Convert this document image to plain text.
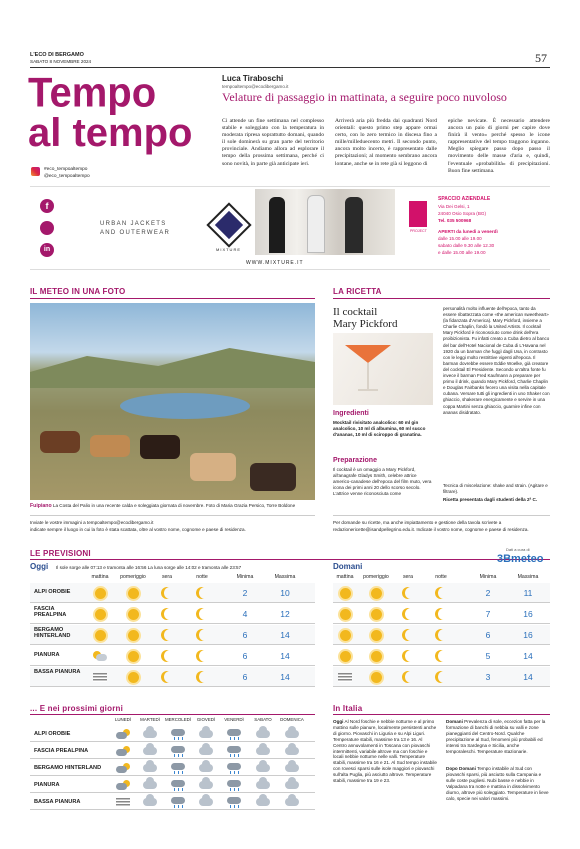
L'ECO DI BERGAMO
SABATO 8 NOVEMBRE 2024	57
Tempo
al tempo
#eco_tempoaltempo
@eco_tempoaltempo
Luca Tiraboschi
tempoaltempo@ecodibergamo.it
Velature di passaggio in mattinata, a seguire poco nuvoloso
Ci attende un fine settimana nel complesso stabile e soleggiato con la temperatura in moderata ripresa soprattutto domani, quando il sole dominerà su gran parte del territorio provinciale. Andiamo allora ad esplorare il tempo della prossima settimana, perché ci sono novità, in parte già anticipate ieri.
Arriverà aria più fredda dai quadranti Nord orientali: questo primo step appare ormai certo, con lo zero termico in discesa fino a mille/milleduecento metri. Il secondo punto, ancora molto incerto, è rappresentato dalle precipitazioni; al momento sembrano ancora lontane, anche se in rete già si leggono di
epiche nevicate. È necessario attendere ancora un paio di giorni per capire dove finirà il vento» perché spesso le icone rappresentative del tempo traggono inganno. Meglio spiegare passo dopo passo il movimento delle masse d'aria e, quindi, l'eventuale «probabilità» di precipitazioni. Buon fine settimana.
f
in
URBAN JACKETS
AND OUTERWEAR
MIXTURE
WWW.MIXTURE.IT
PROJECT
SPACCIO AZIENDALE
Via Dei Gelsi, 1
24040 Osio Sopra (BG)
Tel. 035 500968
APERTI da lunedì a venerdì
dalle 15.00 alle 19.00
sabato dalle 9.30 alle 12.30
e dalle 15.00 alle 19.00
IL METEO IN UNA FOTO
Fuipiano La Costa del Palio in una recente calda e soleggiata giornata di novembre. Foto di Maria Grazia Persico, Torre Boldone
Inviate le vostre immagini a tempoaltempo@ecodibergamo.it
indicate sempre il luogo in cui la foto è stata scattata, oltre al vostro nome, cognome e paese di residenza.
LA RICETTA
Il cocktail
Mary Pickford
Ingredienti
Mocktail rivisitato analcolico: 60 ml gin analcolico, 10 ml di albumina, 60 ml succo d'ananas, 10 ml di sciroppo di granatina.
Preparazione
Il cocktail è un omaggio a Mary Pickford, all'anagrafe Gladys Smith, celebre attrice americo-canadese dell'epoca del film muto, vera icona dei primi anni 20 dello scorso secolo. L'attrice venne riconosciuta come
personalità molto influente dell'epoca, tanto da essere ribattezzata come «the american sweetheart» (la fidanzata d'America). Mary Pickford, insieme a Charlie Chaplin, fondò la United Artists. Il cocktail Mary Pickford è riconosciuto come drink dell'era proibizionista. Fu infatti creato a Cuba dietro al banco del bar dell'Hotel Nacional de Cuba di L'Havana nel 1920 da un barman che fuggì dagli Usa, in contrasto con le leggi molto restrittive vigenti all'epoca. Il barman dovrebbe essere Eddie Woelke, già creatore del cocktail El Presidente. Secondo un'altra fonte fu invece il barman Fred Kaufmann a preparare per primo il drink, quando Mary Pickford, Charlie Chaplin e Douglas Fairbanks fecero una visita nella capitale cubana. Versare tutti gli ingredienti in uno Shaker con ghiaccio, shakerare energicamente e servire in una coppa Martini senza ghiaccio, guarnire infine con ananas disidratato.
Tecnica di miscelazione: shake and strain. (Agitare e filtrare).
Ricetta presentata dagli studenti della 2ª C.
Per domande su ricette, ma anche impiattamento e gestione della tavola scrivete a
redazionericette@isandpellegrino.edu.it. Indicate il vostro nome, cognome e paese di residenza.
LE PREVISIONI
Oggi Il sole sorge alle 07:13 e tramonta alle 16:56 La luna sorge alle 14:02 e tramonta alle 23:57	Domani
Dati a cura di
3Bmeteo
mattina	pomeriggio	sera	notte	Minima	Massima
ALPI OROBIE	2	10
FASCIA PREALPINA	4	12
BERGAMO HINTERLAND	6	14
PIANURA	6	14
BASSA PIANURA	6	14
mattina	pomeriggio	sera	notte	Minima	Massima
2	11
7	16
6	16
5	14
3	14
... E nei prossimi giorni
LUNEDÌ	MARTEDÌ	MERCOLEDÌ	GIOVEDÌ	VENERDÌ	SABATO	DOMENICA
ALPI OROBIE
FASCIA PREALPINA
BERGAMO HINTERLAND
PIANURA
BASSA PIANURA
In Italia
Oggi Al Nord foschie e nebbie notturne e al primo mattino sulle pianure, localmente persistenti anche di giorno. Piovaschi in Liguria e su Alpi Liguri. Temperature stabili, massime tra 13 e 16. Al Centro annuvolamenti in Toscana con piovaschi intermittenti, variabile altrove ma con foschie e locali nebbie notturne nelle valli. Temperature stabili, massime tra 16 e 21. Al Sud tempo instabile con rovesci sparsi sulle isole maggiori e piovaschi sull'alta Puglia, più asciutto altrove. Temperature stabili, massime tra 19 e 23.
Domani Prevalenza di sole, eccezion fatta per la formazione di banchi di nebbia su valli e zone pianeggianti del Centro-Nord. Qualche precipitazione al Sud, fenomeni più probabili ed intensi tra Sardegna e Sicilia, anche temporaleschi. Temperature stazionarie.
Dopo Domani Tempo instabile al Sud con piovaschi sparsi, più asciutto sulla Campania e sulle coste pugliesi. Nubi basse e nebbie in Valpadana tra notte e mattina in dissolvimento diurno, altrove più soleggiato. Temperature in lieve calo, specie nei valori massimi.
